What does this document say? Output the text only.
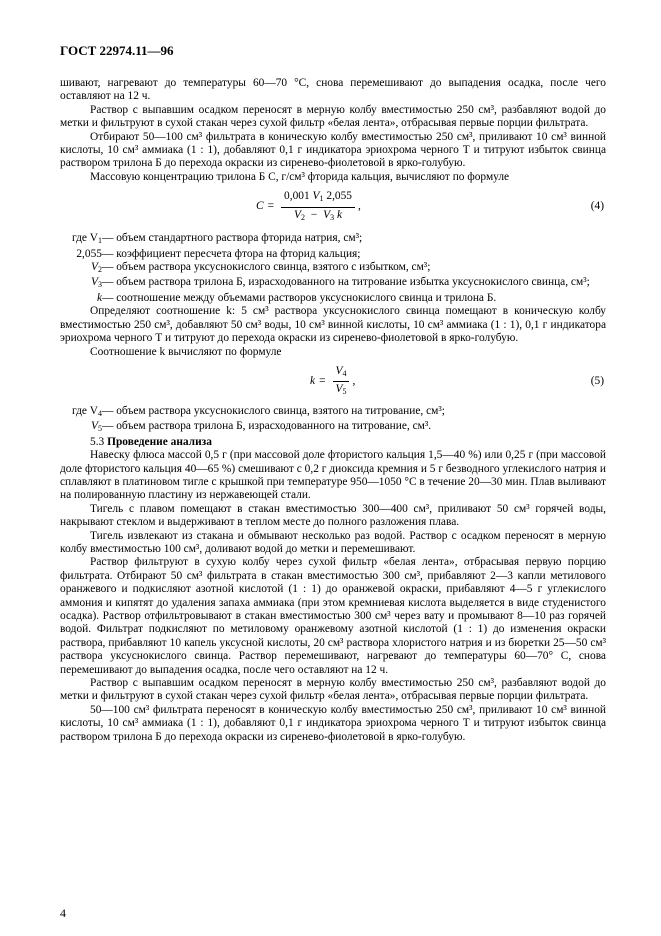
ГОСТ 22974.11—96

шивают, нагревают до температуры 60—70 °С, снова перемешивают до выпадения осадка, после чего оставляют на 12 ч.

Раствор с выпавшим осадком переносят в мерную колбу вместимостью 250 см³, разбавляют водой до метки и фильтруют в сухой стакан через сухой фильтр «белая лента», отбрасывая первые порции фильтрата.

Отбирают 50—100 см³ фильтрата в коническую колбу вместимостью 250 см³, приливают 10 см³ винной кислоты, 10 см³ аммиака (1 : 1), добавляют 0,1 г индикатора эриохрома черного Т и титруют избыток свинца раствором трилона Б до перехода окраски из сиренево-фиолетовой в ярко-голубую.

Массовую концентрацию трилона Б С, г/см³ фторида кальция, вычисляют по формуле

$C = \frac{0,001 V_1 2,055}{V_2 - V_3 k}$ ,	(4)
где $V_1$ — объем стандартного раствора фторида натрия, см³;
2,055 — коэффициент пересчета фтора на фторид кальция;
$V_2$ — объем раствора уксуснокислого свинца, взятого с избытком, см³;
$V_3$ — объем раствора трилона Б, израсходованного на титрование избытка уксуснокислого свинца, см³;
k — соотношение между объемами растворов уксуснокислого свинца и трилона Б.

Определяют соотношение k: 5 см³ раствора уксуснокислого свинца помещают в коническую колбу вместимостью 250 см³, добавляют 50 см³ воды, 10 см³ винной кислоты, 10 см³ аммиака (1 : 1), 0,1 г индикатора эриохрома черного Т и титруют до перехода окраски из сиренево-фиолетовой в ярко-голубую.

Соотношение k вычисляют по формуле

$k = \frac{V_4}{V_5}$ ,	(5)
где $V_4$ — объем раствора уксуснокислого свинца, взятого на титрование, см³;
$V_5$ — объем раствора трилона Б, израсходованного на титрование, см³.

5.3 Проведение анализа

Навеску флюса массой 0,5 г (при массовой доле фтористого кальция 1,5—40 %) или 0,25 г (при массовой доле фтористого кальция 40—65 %) смешивают с 0,2 г диоксида кремния и 5 г безводного углекислого натрия и сплавляют в платиновом тигле с крышкой при температуре 950—1050 °С в течение 20—30 мин. Плав выливают на полированную пластину из нержавеющей стали.

Тигель с плавом помещают в стакан вместимостью 300—400 см³, приливают 50 см³ горячей воды, накрывают стеклом и выдерживают в теплом месте до полного разложения плава.

Тигель извлекают из стакана и обмывают несколько раз водой. Раствор с осадком переносят в мерную колбу вместимостью 100 см³, доливают водой до метки и перемешивают.

Раствор фильтруют в сухую колбу через сухой фильтр «белая лента», отбрасывая первую порцию фильтрата. Отбирают 50 см³ фильтрата в стакан вместимостью 300 см³, прибавляют 2—3 капли метилового оранжевого и подкисляют азотной кислотой (1 : 1) до оранжевой окраски, прибавляют 4—5 г углекислого аммония и кипятят до удаления запаха аммиака (при этом кремниевая кислота выделяется в виде студенистого осадка). Раствор отфильтровывают в стакан вместимостью 300 см³ через вату и промывают 8—10 раз горячей водой. Фильтрат подкисляют по метиловому оранжевому азотной кислотой (1 : 1) до изменения окраски раствора, прибавляют 10 капель уксусной кислоты, 20 см³ раствора хлористого натрия и из бюретки 25—50 см³ раствора уксуснокислого свинца. Раствор перемешивают, нагревают до температуры 60—70° С, снова перемешивают до выпадения осадка, после чего оставляют на 12 ч.

Раствор с выпавшим осадком переносят в мерную колбу вместимостью 250 см³, разбавляют водой до метки и фильтруют в сухой стакан через сухой фильтр «белая лента», отбрасывая первые порции фильтрата.

50—100 см³ фильтрата переносят в коническую колбу вместимостью 250 см³, приливают 10 см³ винной кислоты, 10 см³ аммиака (1 : 1), добавляют 0,1 г индикатора эриохрома черного Т и титруют избыток свинца раствором трилона Б до перехода окраски из сиренево-фиолетовой в ярко-голубую.

4
